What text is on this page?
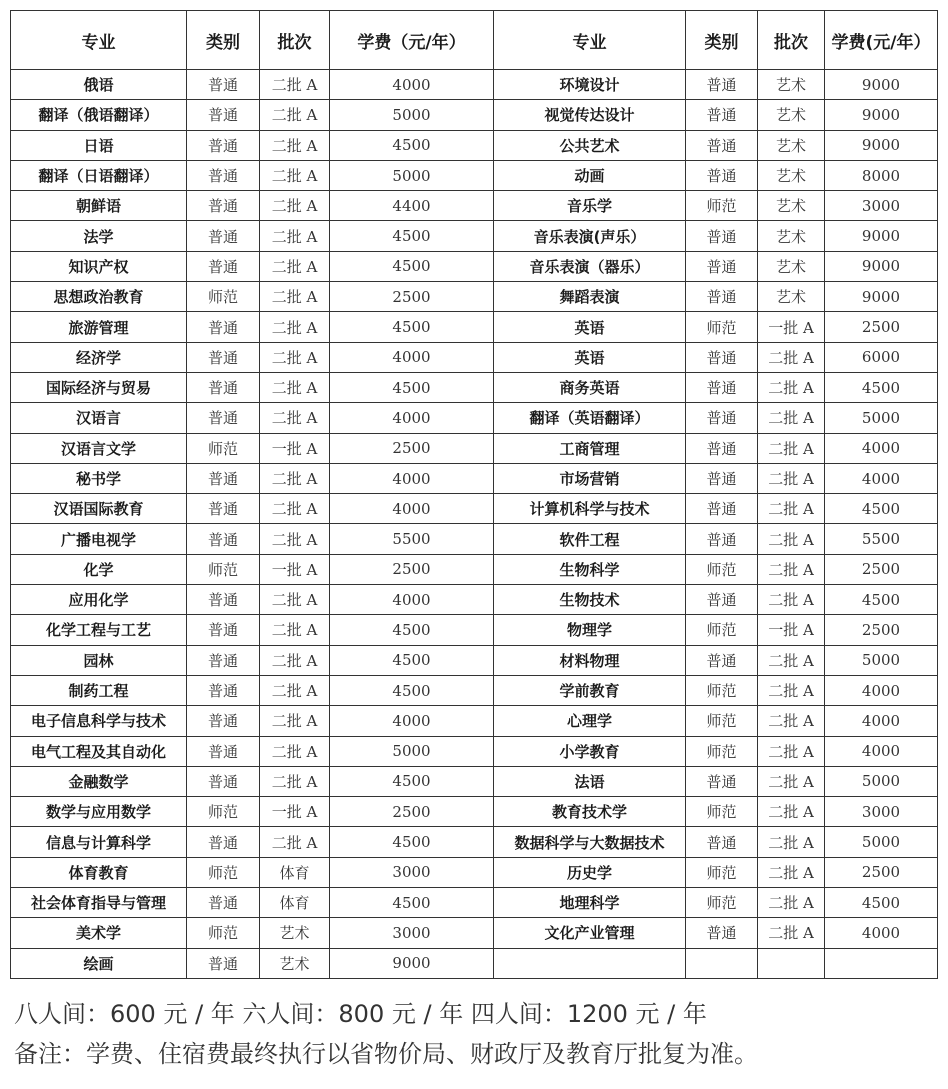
专业	类别	批次	学费（元/年）	专业	类别	批次	学费(元/年）
俄语	普通	二批 A	4000	环境设计	普通	艺术	9000
翻译（俄语翻译）	普通	二批 A	5000	视觉传达设计	普通	艺术	9000
日语	普通	二批 A	4500	公共艺术	普通	艺术	9000
翻译（日语翻译）	普通	二批 A	5000	动画	普通	艺术	8000
朝鲜语	普通	二批 A	4400	音乐学	师范	艺术	3000
法学	普通	二批 A	4500	音乐表演(声乐）	普通	艺术	9000
知识产权	普通	二批 A	4500	音乐表演（器乐）	普通	艺术	9000
思想政治教育	师范	二批 A	2500	舞蹈表演	普通	艺术	9000
旅游管理	普通	二批 A	4500	英语	师范	一批 A	2500
经济学	普通	二批 A	4000	英语	普通	二批 A	6000
国际经济与贸易	普通	二批 A	4500	商务英语	普通	二批 A	4500
汉语言	普通	二批 A	4000	翻译（英语翻译）	普通	二批 A	5000
汉语言文学	师范	一批 A	2500	工商管理	普通	二批 A	4000
秘书学	普通	二批 A	4000	市场营销	普通	二批 A	4000
汉语国际教育	普通	二批 A	4000	计算机科学与技术	普通	二批 A	4500
广播电视学	普通	二批 A	5500	软件工程	普通	二批 A	5500
化学	师范	一批 A	2500	生物科学	师范	二批 A	2500
应用化学	普通	二批 A	4000	生物技术	普通	二批 A	4500
化学工程与工艺	普通	二批 A	4500	物理学	师范	一批 A	2500
园林	普通	二批 A	4500	材料物理	普通	二批 A	5000
制药工程	普通	二批 A	4500	学前教育	师范	二批 A	4000
电子信息科学与技术	普通	二批 A	4000	心理学	师范	二批 A	4000
电气工程及其自动化	普通	二批 A	5000	小学教育	师范	二批 A	4000
金融数学	普通	二批 A	4500	法语	普通	二批 A	5000
数学与应用数学	师范	一批 A	2500	教育技术学	师范	二批 A	3000
信息与计算科学	普通	二批 A	4500	数据科学与大数据技术	普通	二批 A	5000
体育教育	师范	体育	3000	历史学	师范	二批 A	2500
社会体育指导与管理	普通	体育	4500	地理科学	师范	二批 A	4500
美术学	师范	艺术	3000	文化产业管理	普通	二批 A	4000
绘画	普通	艺术	9000				
八人间：600 元 / 年 六人间：800 元 / 年 四人间：1200 元 / 年
备注：学费、住宿费最终执行以省物价局、财政厅及教育厅批复为准。
